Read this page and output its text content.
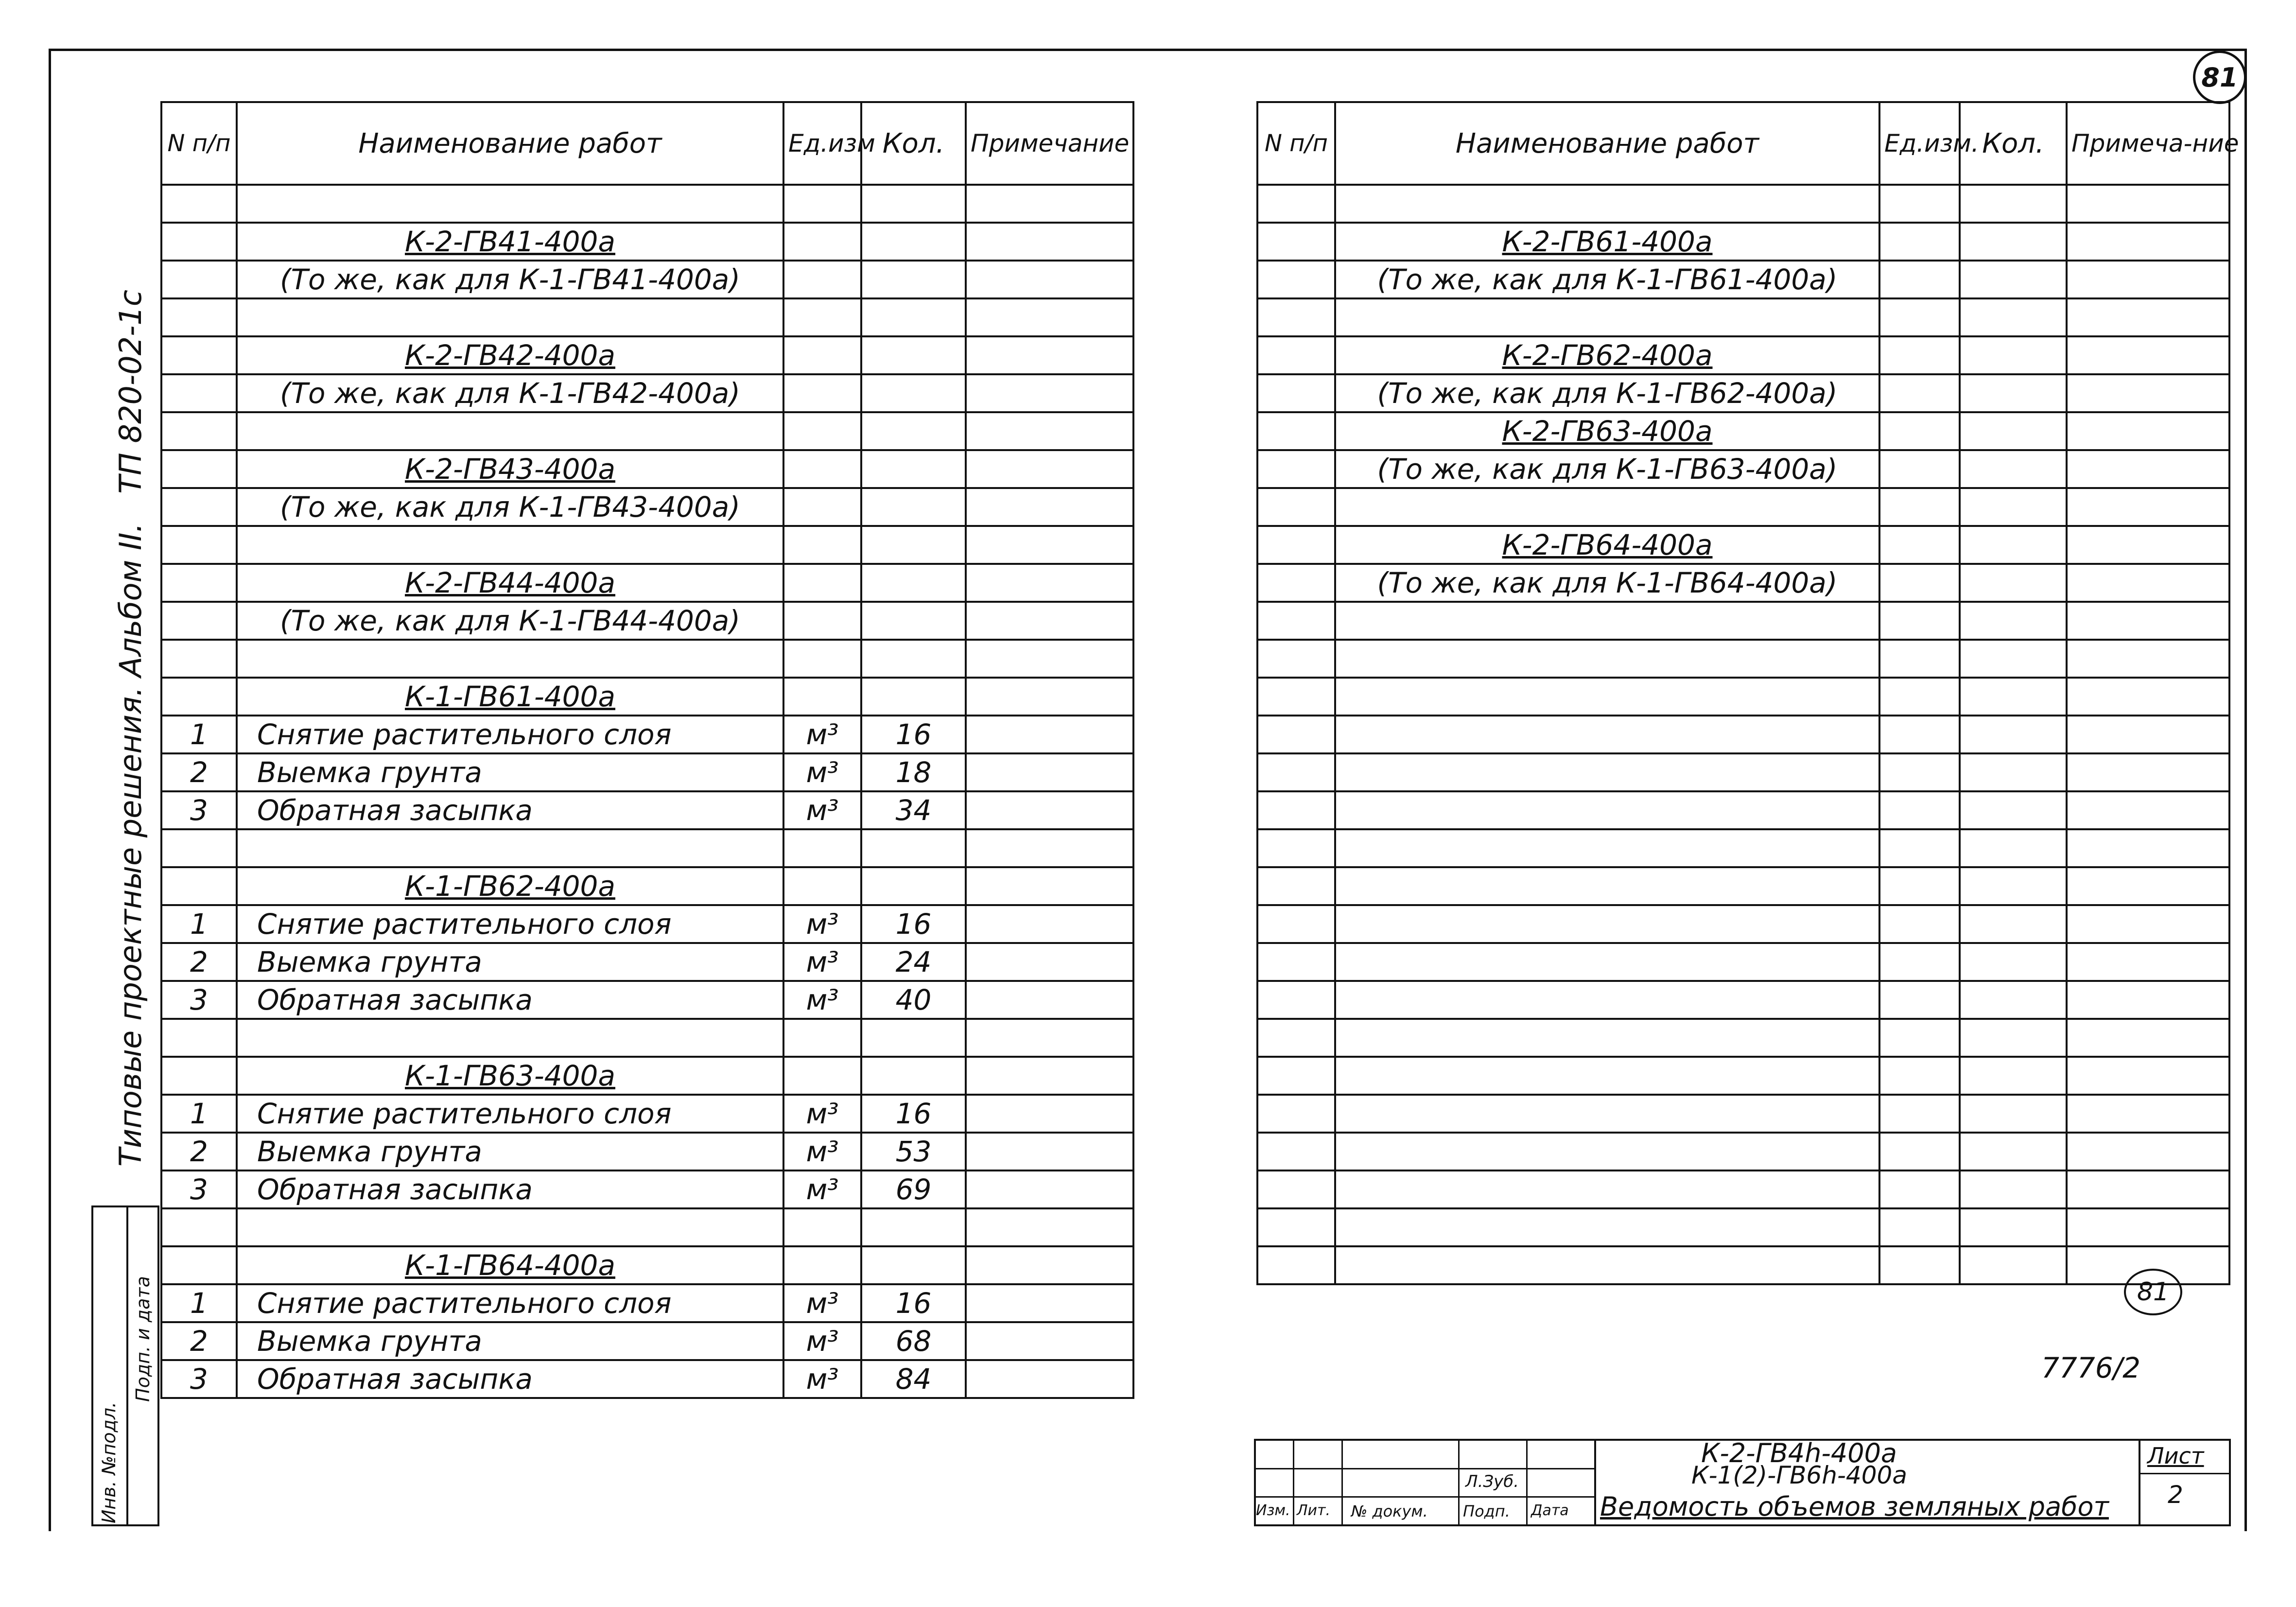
81
Типовые проектные решения. Альбом II.
ТП 820-02-1с
Инв. №подл.
Подп. и дата
N п/п	Наименование работ	Ед.изм	Кол.	Примечание

	К-2-ГВ41-400а			
	(То же, как для К-1-ГВ41-400а)			

	К-2-ГВ42-400а			
	(То же, как для К-1-ГВ42-400а)			

	К-2-ГВ43-400а			
	(То же, как для К-1-ГВ43-400а)			

	К-2-ГВ44-400а			
	(То же, как для К-1-ГВ44-400а)			

	К-1-ГВ61-400а			
1	Снятие растительного слоя	м³	16	
2	Выемка грунта	м³	18	
3	Обратная засыпка	м³	34	

	К-1-ГВ62-400а			
1	Снятие растительного слоя	м³	16	
2	Выемка грунта	м³	24	
3	Обратная засыпка	м³	40	

	К-1-ГВ63-400а			
1	Снятие растительного слоя	м³	16	
2	Выемка грунта	м³	53	
3	Обратная засыпка	м³	69	

	К-1-ГВ64-400а			
1	Снятие растительного слоя	м³	16	
2	Выемка грунта	м³	68	
3	Обратная засыпка	м³	84	
N п/п	Наименование работ	Ед.изм.	Кол.	Примеча-ние

	К-2-ГВ61-400а			
	(То же, как для К-1-ГВ61-400а)			

	К-2-ГВ62-400а			
	(То же, как для К-1-ГВ62-400а)			
	К-2-ГВ63-400а			
	(То же, как для К-1-ГВ63-400а)			

	К-2-ГВ64-400а			
	(То же, как для К-1-ГВ64-400а)			

81
7776/2
Изм. Лит. № докум. Подп. Дата
Л.Зуб.
К-2-ГВ4h-400а
К-1(2)-ГВ6h-400а
Ведомость объемов земляных работ
Лист
2
